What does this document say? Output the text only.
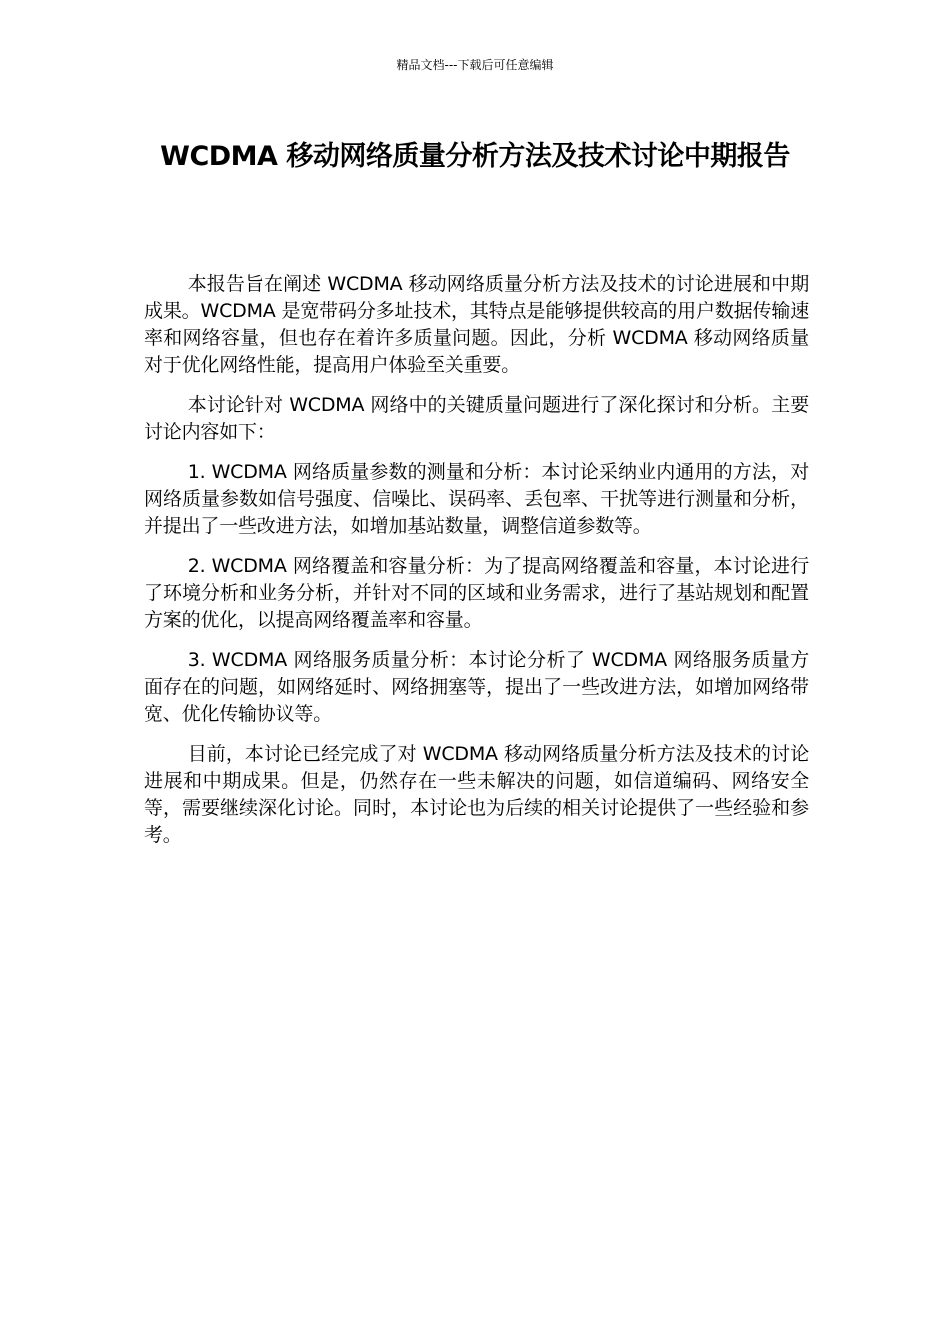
精品文档---下载后可任意编辑
WCDMA 移动网络质量分析方法及技术讨论中期报告

本报告旨在阐述 WCDMA 移动网络质量分析方法及技术的讨论进展和中期成果。WCDMA 是宽带码分多址技术，其特点是能够提供较高的用户数据传输速率和网络容量，但也存在着许多质量问题。因此，分析 WCDMA 移动网络质量对于优化网络性能，提高用户体验至关重要。

本讨论针对 WCDMA 网络中的关键质量问题进行了深化探讨和分析。主要讨论内容如下：

1. WCDMA 网络质量参数的测量和分析：本讨论采纳业内通用的方法，对网络质量参数如信号强度、信噪比、误码率、丢包率、干扰等进行测量和分析，并提出了一些改进方法，如增加基站数量，调整信道参数等。

2. WCDMA 网络覆盖和容量分析：为了提高网络覆盖和容量，本讨论进行了环境分析和业务分析，并针对不同的区域和业务需求，进行了基站规划和配置方案的优化，以提高网络覆盖率和容量。

3. WCDMA 网络服务质量分析：本讨论分析了 WCDMA 网络服务质量方面存在的问题，如网络延时、网络拥塞等，提出了一些改进方法，如增加网络带宽、优化传输协议等。

目前，本讨论已经完成了对 WCDMA 移动网络质量分析方法及技术的讨论进展和中期成果。但是，仍然存在一些未解决的问题，如信道编码、网络安全等，需要继续深化讨论。同时，本讨论也为后续的相关讨论提供了一些经验和参考。
